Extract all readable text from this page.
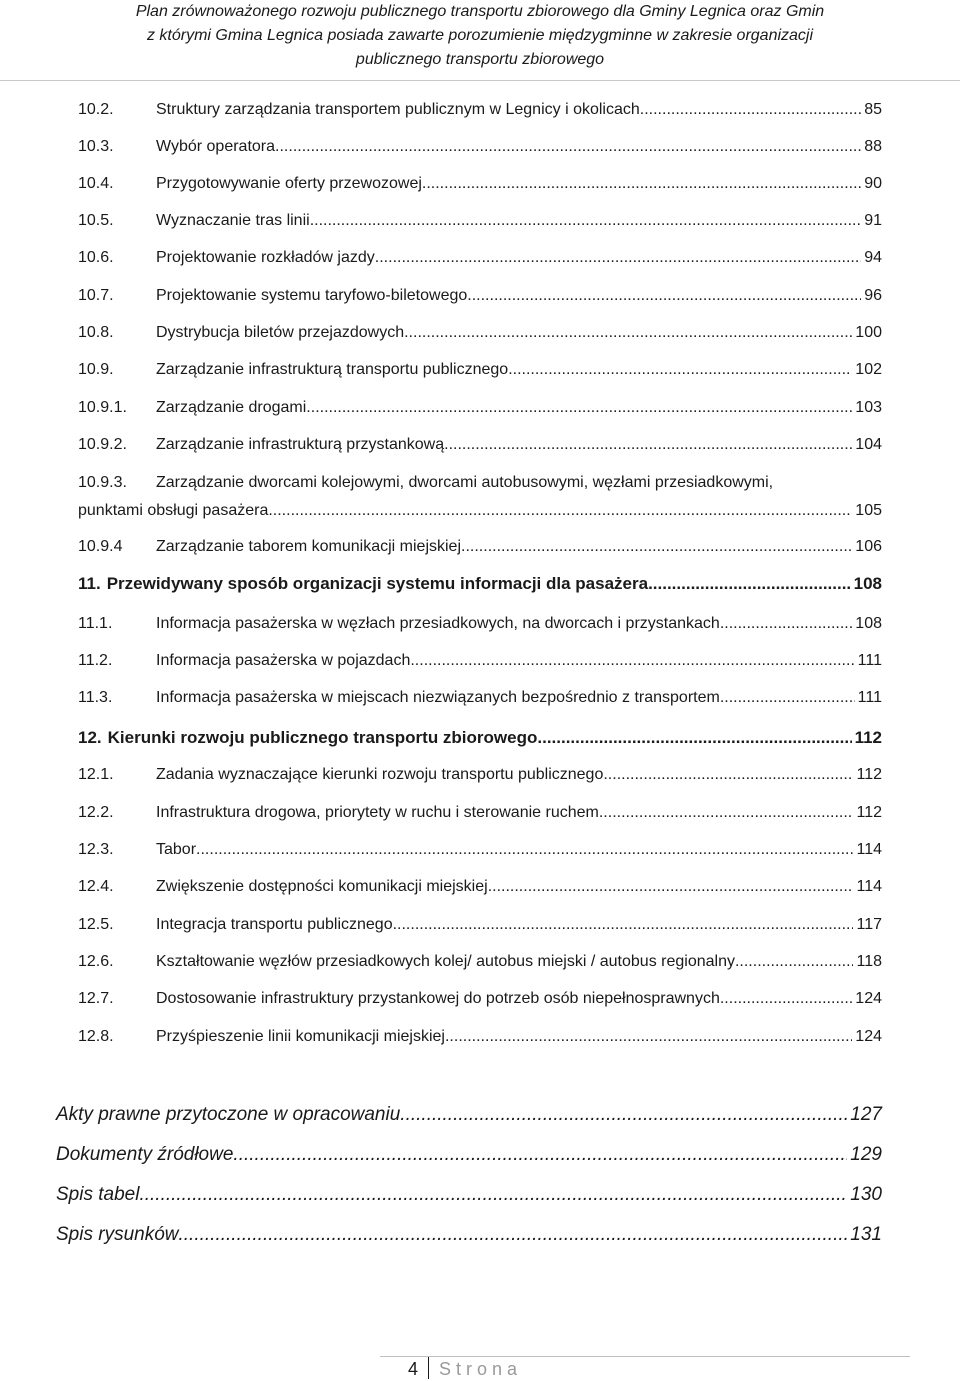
Plan zrównoważonego rozwoju publicznego transportu zbiorowego dla Gminy Legnica oraz Gmin
z którymi Gmina Legnica posiada zawarte porozumienie międzygminne w zakresie organizacji
publicznego transportu zbiorowego
10.2.	Struktury zarządzania transportem publicznym w Legnicy i okolicach .....	85
10.3.	Wybór operatora .....	88
10.4.	Przygotowywanie oferty przewozowej .....	90
10.5.	Wyznaczanie tras linii .....	91
10.6.	Projektowanie rozkładów jazdy .....	94
10.7.	Projektowanie systemu taryfowo-biletowego .....	96
10.8.	Dystrybucja biletów przejazdowych .....	100
10.9.	Zarządzanie infrastrukturą transportu publicznego .....	102
10.9.1.	Zarządzanie drogami .....	103
10.9.2.	Zarządzanie infrastrukturą przystankową .....	104
10.9.3.	Zarządzanie dworcami kolejowymi, dworcami autobusowymi, węzłami przesiadkowymi,
punktami obsługi pasażera .....	105
10.9.4	Zarządzanie taborem komunikacji miejskiej .....	106
11. Przewidywany sposób organizacji systemu informacji dla pasażera .....	108
11.1.	Informacja pasażerska w węzłach przesiadkowych, na dworcach i przystankach .....	108
11.2.	Informacja pasażerska w pojazdach .....	111
11.3.	Informacja pasażerska w miejscach niezwiązanych bezpośrednio z transportem .....	111
12. Kierunki rozwoju publicznego transportu zbiorowego .....	112
12.1.	Zadania wyznaczające kierunki rozwoju transportu publicznego .....	112
12.2.	Infrastruktura drogowa, priorytety w ruchu i sterowanie ruchem .....	112
12.3.	Tabor .....	114
12.4.	Zwiększenie dostępności komunikacji miejskiej .....	114
12.5.	Integracja transportu publicznego .....	117
12.6.	Kształtowanie węzłów przesiadkowych kolej/ autobus miejski / autobus regionalny .....	118
12.7.	Dostosowanie infrastruktury przystankowej do potrzeb osób niepełnosprawnych .....	124
12.8.	Przyśpieszenie linii komunikacji miejskiej .....	124
Akty prawne przytoczone w opracowaniu .....	127
Dokumenty źródłowe .....	129
Spis tabel .....	130
Spis rysunków .....	131
4 Strona
